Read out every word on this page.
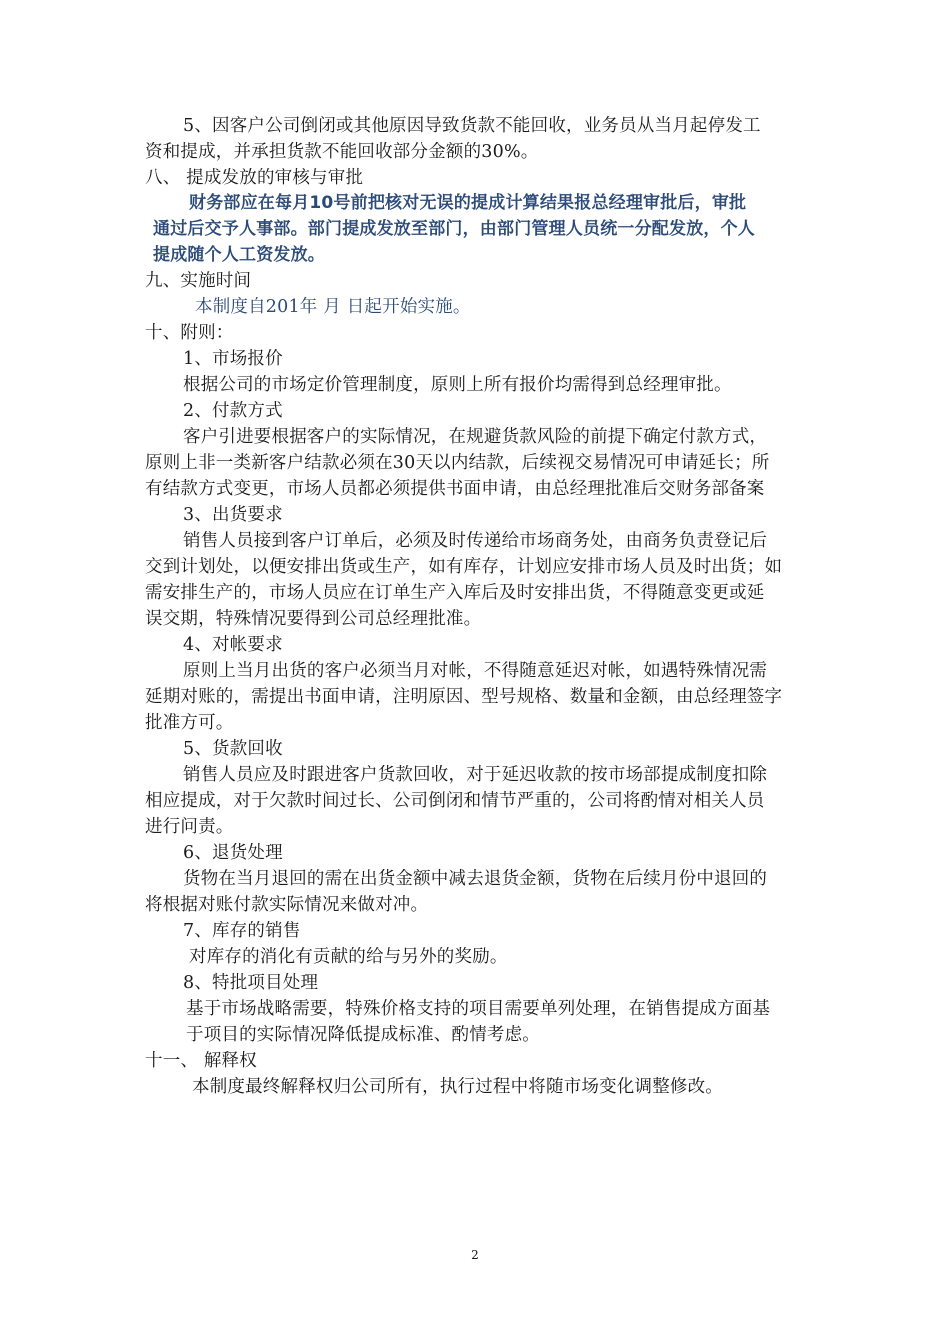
5、因客户公司倒闭或其他原因导致货款不能回收，业务员从当月起停发工
资和提成，并承担货款不能回收部分金额的30%。
八、 提成发放的审核与审批
财务部应在每月10号前把核对无误的提成计算结果报总经理审批后，审批
通过后交予人事部。部门提成发放至部门，由部门管理人员统一分配发放，个人
提成随个人工资发放。
九、实施时间
本制度自201年 月 日起开始实施。
十、附则：
1、市场报价
根据公司的市场定价管理制度，原则上所有报价均需得到总经理审批。
2、付款方式
客户引进要根据客户的实际情况，在规避货款风险的前提下确定付款方式，
原则上非一类新客户结款必须在30天以内结款，后续视交易情况可申请延长；所
有结款方式变更，市场人员都必须提供书面申请，由总经理批准后交财务部备案
3、出货要求
销售人员接到客户订单后，必须及时传递给市场商务处，由商务负责登记后
交到计划处，以便安排出货或生产，如有库存，计划应安排市场人员及时出货；如
需安排生产的，市场人员应在订单生产入库后及时安排出货，不得随意变更或延
误交期，特殊情况要得到公司总经理批准。
4、对帐要求
原则上当月出货的客户必须当月对帐，不得随意延迟对帐，如遇特殊情况需
延期对账的，需提出书面申请，注明原因、型号规格、数量和金额，由总经理签字
批准方可。
5、货款回收
销售人员应及时跟进客户货款回收，对于延迟收款的按市场部提成制度扣除
相应提成，对于欠款时间过长、公司倒闭和情节严重的，公司将酌情对相关人员
进行问责。
6、退货处理
货物在当月退回的需在出货金额中减去退货金额，货物在后续月份中退回的
将根据对账付款实际情况来做对冲。
7、库存的销售
对库存的消化有贡献的给与另外的奖励。
8、特批项目处理
基于市场战略需要，特殊价格支持的项目需要单列处理，在销售提成方面基
于项目的实际情况降低提成标准、酌情考虑。
十一、 解释权
本制度最终解释权归公司所有，执行过程中将随市场变化调整修改。
2
